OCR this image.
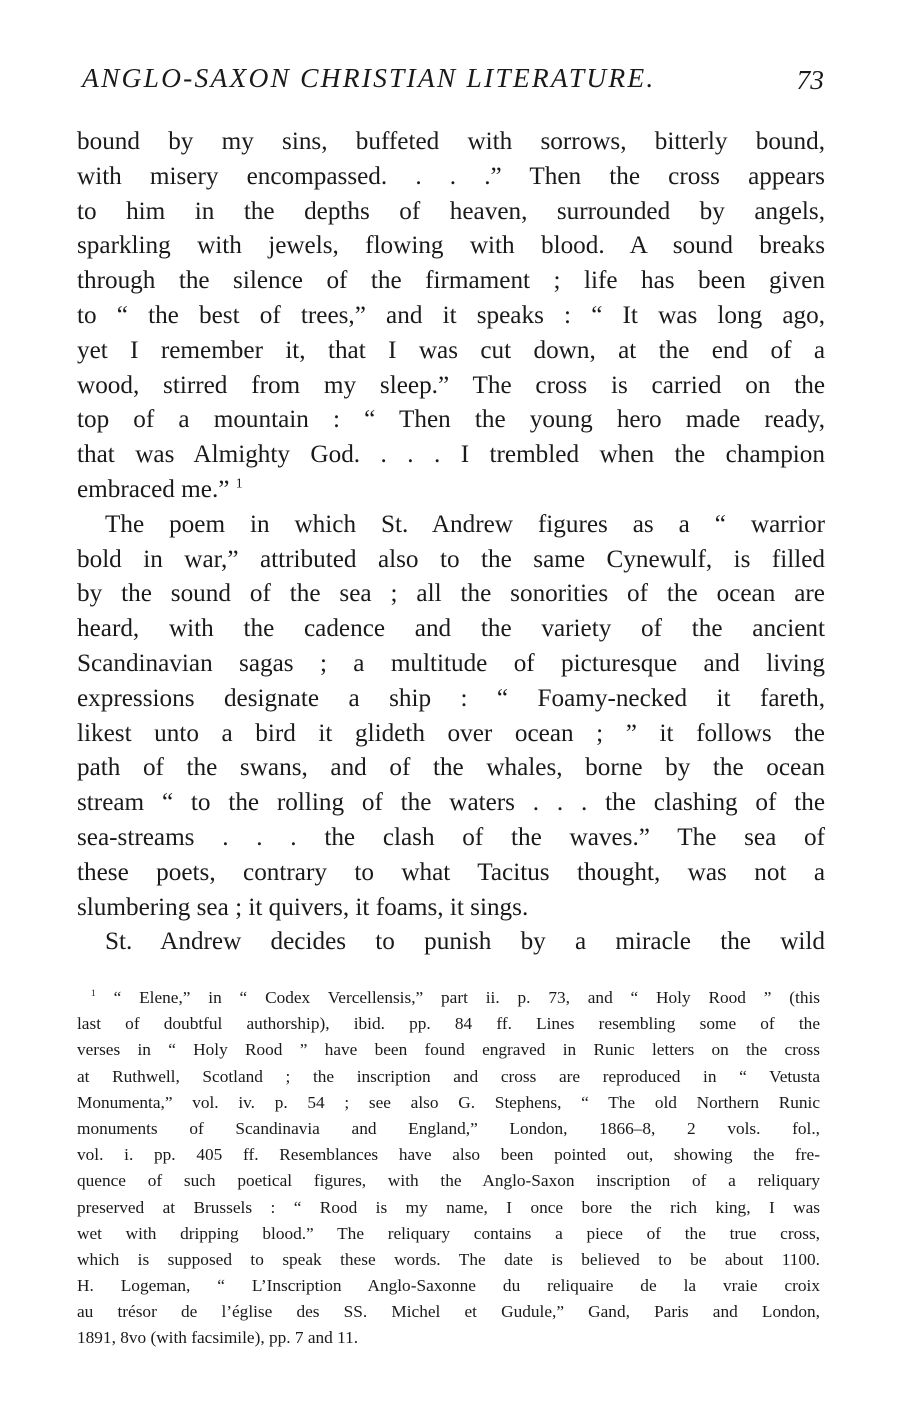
ANGLO-SAXON CHRISTIAN LITERATURE.	73
bound by my sins, buffeted with sorrows, bitterly bound,
with misery encompassed. . . .” Then the cross appears
to him in the depths of heaven, surrounded by angels,
sparkling with jewels, flowing with blood. A sound breaks
through the silence of the firmament ; life has been given
to “ the best of trees,” and it speaks : “ It was long ago,
yet I remember it, that I was cut down, at the end of a
wood, stirred from my sleep.” The cross is carried on the
top of a mountain : “ Then the young hero made ready,
that was Almighty God. . . . I trembled when the champion
embraced me.” $^1$
The poem in which St. Andrew figures as a “ warrior
bold in war,” attributed also to the same Cynewulf, is filled
by the sound of the sea ; all the sonorities of the ocean are
heard, with the cadence and the variety of the ancient
Scandinavian sagas ; a multitude of picturesque and living
expressions designate a ship : “ Foamy-necked it fareth,
likest unto a bird it glideth over ocean ; ” it follows the
path of the swans, and of the whales, borne by the ocean
stream “ to the rolling of the waters . . . the clashing of the
sea-streams . . . the clash of the waves.” The sea of
these poets, contrary to what Tacitus thought, was not a
slumbering sea ; it quivers, it foams, it sings.
St. Andrew decides to punish by a miracle the wild
$^1$ “ Elene,” in “ Codex Vercellensis,” part ii. p. 73, and “ Holy Rood ” (this
last of doubtful authorship), ibid. pp. 84 ff. Lines resembling some of the
verses in “ Holy Rood ” have been found engraved in Runic letters on the cross
at Ruthwell, Scotland ; the inscription and cross are reproduced in “ Vetusta
Monumenta,” vol. iv. p. 54 ; see also G. Stephens, “ The old Northern Runic
monuments of Scandinavia and England,” London, 1866–8, 2 vols. fol.,
vol. i. pp. 405 ff. Resemblances have also been pointed out, showing the fre-
quence of such poetical figures, with the Anglo-Saxon inscription of a reliquary
preserved at Brussels : “ Rood is my name, I once bore the rich king, I was
wet with dripping blood.” The reliquary contains a piece of the true cross,
which is supposed to speak these words. The date is believed to be about 1100.
H. Logeman, “ L’Inscription Anglo-Saxonne du reliquaire de la vraie croix
au trésor de l’église des SS. Michel et Gudule,” Gand, Paris and London,
1891, 8vo (with facsimile), pp. 7 and 11.
